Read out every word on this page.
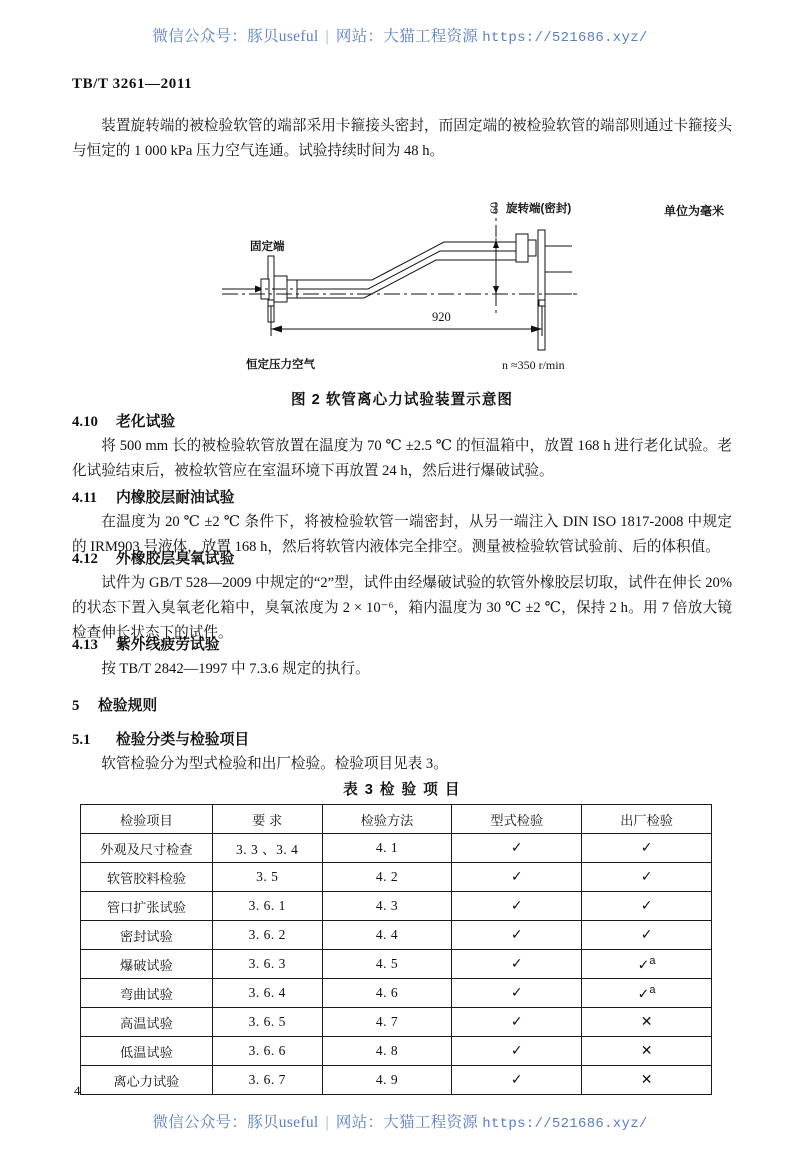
微信公众号：豚贝useful | 网站：大猫工程资源 https://521686.xyz/
TB/T 3261—2011

装置旋转端的被检验软管的端部采用卡箍接头密封，而固定端的被检验软管的端部则通过卡箍接头与恒定的 1 000 kPa 压力空气连通。试验持续时间为 48 h。

单位为毫米
旋转端(密封)
固定端
恒定压力空气	n ≈350 r/min
60
920
图 2 软管离心力试验装置示意图
4.10 老化试验

将 500 mm 长的被检验软管放置在温度为 70 ℃ ±2.5 ℃ 的恒温箱中，放置 168 h 进行老化试验。老化试验结束后，被检软管应在室温环境下再放置 24 h，然后进行爆破试验。

4.11 内橡胶层耐油试验

在温度为 20 ℃ ±2 ℃ 条件下，将被检验软管一端密封，从另一端注入 DIN ISO 1817-2008 中规定的 IRM903 号液体，放置 168 h，然后将软管内液体完全排空。测量被检验软管试验前、后的体积值。

4.12 外橡胶层臭氧试验

试件为 GB/T 528—2009 中规定的“2”型，试件由经爆破试验的软管外橡胶层切取，试件在伸长 20% 的状态下置入臭氧老化箱中，臭氧浓度为 2 × 10⁻⁶，箱内温度为 30 ℃ ±2 ℃，保持 2 h。用 7 倍放大镜检查伸长状态下的试件。

4.13 紫外线疲劳试验

按 TB/T 2842—1997 中 7.3.6 规定的执行。

5 检验规则
5.1 检验分类与检验项目

软管检验分为型式检验和出厂检验。检验项目见表 3。

表 3 检 验 项 目
检验项目	要 求	检验方法	型式检验	出厂检验
外观及尺寸检查	3. 3 、3. 4	4. 1	✓	✓
软管胶料检验	3. 5	4. 2	✓	✓
管口扩张试验	3. 6. 1	4. 3	✓	✓
密封试验	3. 6. 2	4. 4	✓	✓
爆破试验	3. 6. 3	4. 5	✓	✓$^a$
弯曲试验	3. 6. 4	4. 6	✓	✓$^a$
高温试验	3. 6. 5	4. 7	✓	✕
低温试验	3. 6. 6	4. 8	✓	✕
离心力试验	3. 6. 7	4. 9	✓	✕
4
微信公众号：豚贝useful | 网站：大猫工程资源 https://521686.xyz/
